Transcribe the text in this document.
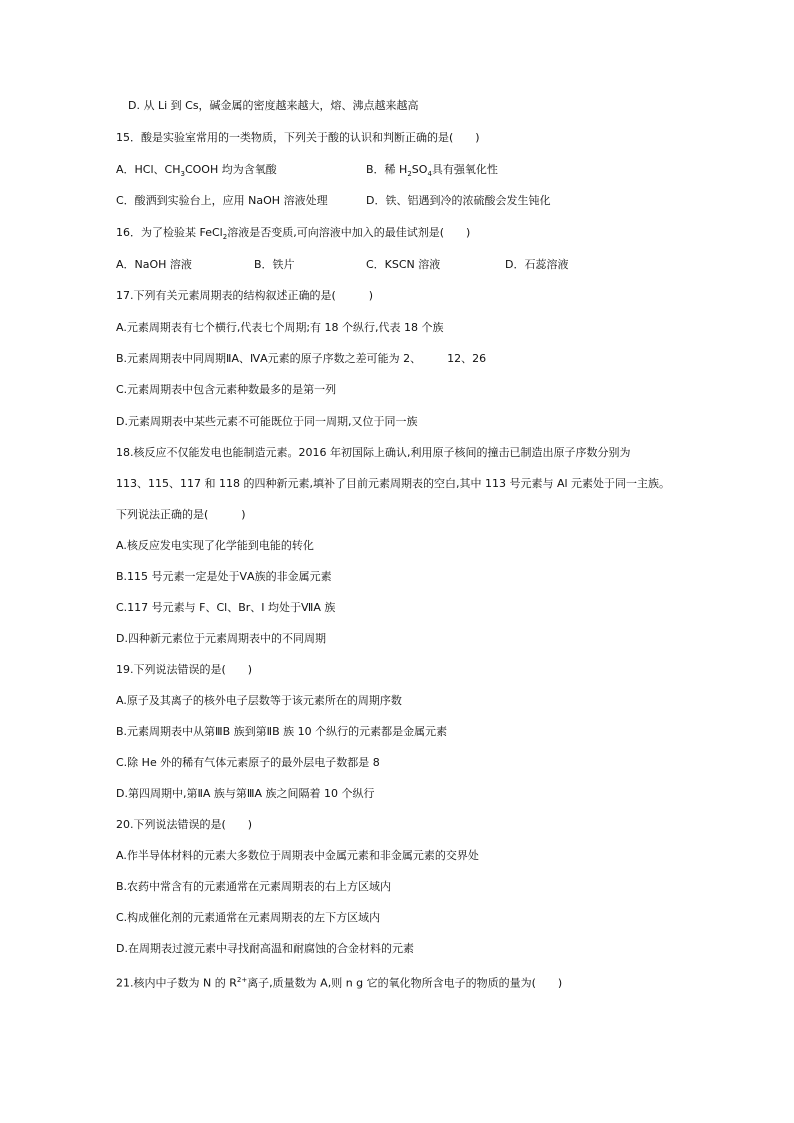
D. 从 Li 到 Cs，碱金属的密度越来越大，熔、沸点越来越高
15．酸是实验室常用的一类物质，下列关于酸的认识和判断正确的是(　　)
A．HCl、$CH_3COOH$ 均为含氧酸	B．稀 $H_2SO_4$具有强氧化性
C．酸洒到实验台上，应用 NaOH 溶液处理	D．铁、铝遇到冷的浓硫酸会发生钝化
16．为了检验某 FeCl$_2$溶液是否变质,可向溶液中加入的最佳试剂是(　　)
A．NaOH 溶液	B．铁片	C．KSCN 溶液	D．石蕊溶液
17.下列有关元素周期表的结构叙述正确的是(　　　)
A.元素周期表有七个横行,代表七个周期;有 18 个纵行,代表 18 个族
B.元素周期表中同周期ⅡA、ⅣA元素的原子序数之差可能为 2、 12、26
C.元素周期表中包含元素种数最多的是第一列
D.元素周期表中某些元素不可能既位于同一周期,又位于同一族
18.核反应不仅能发电也能制造元素。2016 年初国际上确认,利用原子核间的撞击已制造出原子序数分别为
113、115、117 和 118 的四种新元素,填补了目前元素周期表的空白,其中 113 号元素与 Al 元素处于同一主族。
下列说法正确的是(　　　)
A.核反应发电实现了化学能到电能的转化
B.115 号元素一定是处于ⅤA族的非金属元素
C.117 号元素与 F、Cl、Br、I 均处于ⅦA 族
D.四种新元素位于元素周期表中的不同周期
19.下列说法错误的是(　　)
A.原子及其离子的核外电子层数等于该元素所在的周期序数
B.元素周期表中从第ⅢB 族到第ⅡB 族 10 个纵行的元素都是金属元素
C.除 He 外的稀有气体元素原子的最外层电子数都是 8
D.第四周期中,第ⅡA 族与第ⅢA 族之间隔着 10 个纵行
20.下列说法错误的是(　　)
A.作半导体材料的元素大多数位于周期表中金属元素和非金属元素的交界处
B.农药中常含有的元素通常在元素周期表的右上方区域内
C.构成催化剂的元素通常在元素周期表的左下方区域内
D.在周期表过渡元素中寻找耐高温和耐腐蚀的合金材料的元素
21.核内中子数为 N 的 $R^{2+}$离子,质量数为 A,则 n g 它的氧化物所含电子的物质的量为(　　)
